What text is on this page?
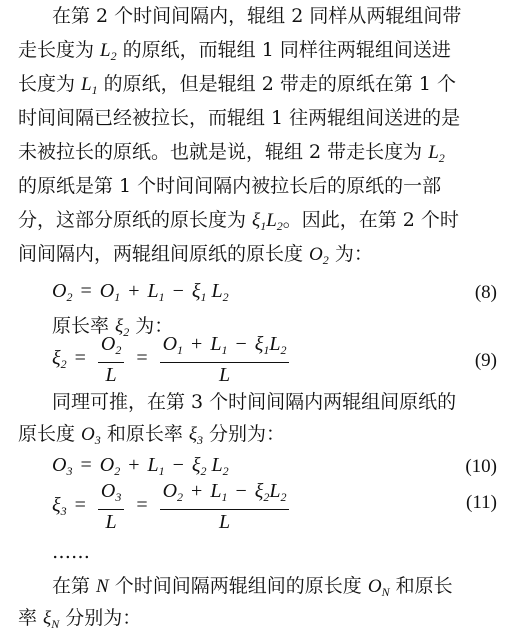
在第 2 个时间间隔内，辊组 2 同样从两辊组间带
走长度为 $L_2$ 的原纸，而辊组 1 同样往两辊组间送进
长度为 $L_1$ 的原纸，但是辊组 2 带走的原纸在第 1 个
时间间隔已经被拉长，而辊组 1 往两辊组间送进的是
未被拉长的原纸。也就是说，辊组 2 带走长度为 $L_2$
的原纸是第 1 个时间间隔内被拉长后的原纸的一部
分，这部分原纸的原长度为 $\xi_1L_2$。因此，在第 2 个时
间间隔内，两辊组间原纸的原长度 $O_2$ 为：
$O_2 = O_1 + L_1 - \xi_1$ $L_2$	(8)
原长率 $\xi_2$ 为：
$\xi_2 = \frac{O_2}{L} = \frac{O_1 + L_1 - \xi_1L_2}{L}$	(9)
同理可推，在第 3 个时间间隔内两辊组间原纸的
原长度 $O_3$ 和原长率 $\xi_3$ 分别为：
$O_3 = O_2 + L_1 - \xi_2$ $L_2$	(10)
$\xi_3 = \frac{O_3}{L} = \frac{O_2 + L_1 - \xi_2L_2}{L}$	(11)
……
在第 N 个时间间隔两辊组间的原长度 $O_N$ 和原长
率 $\xi_N$ 分别为：
